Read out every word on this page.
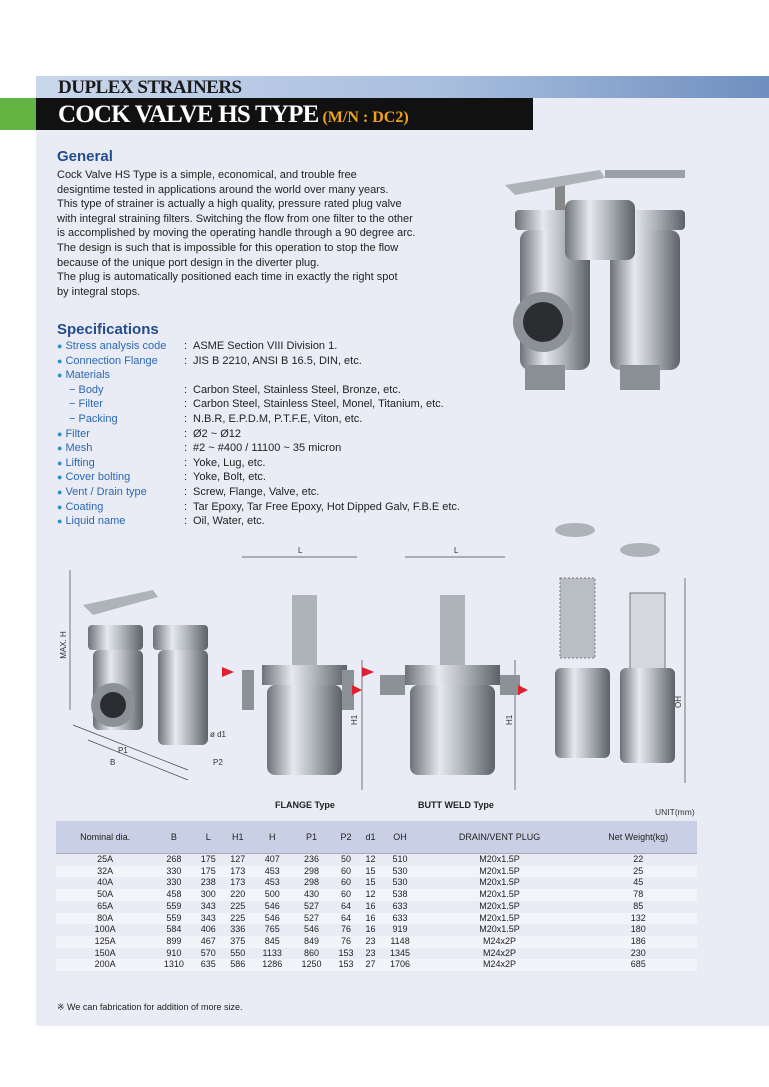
DUPLEX STRAINERS
COCK VALVE HS TYPE (M/N : DC2)
General

Cock Valve HS Type is a simple, economical, and trouble free

designtime tested in applications around the world over many years.

This type of strainer is actually a high quality, pressure rated plug valve

with integral straining filters. Switching the flow from one filter to the other

is accomplished by moving the operating handle through a 90 degree arc.

The design is such that is impossible for this operation to stop the flow

because of the unique port design in the diverter plug.

The plug is automatically positioned each time in exactly the right spot

by integral stops.

Specifications
● Stress analysis code : ASME Section VIII Division 1.
● Connection Flange : JIS B 2210, ANSI B 16.5, DIN, etc.
● Materials
− Body	: Carbon Steel, Stainless Steel, Bronze, etc.
− Filter	: Carbon Steel, Stainless Steel, Monel, Titanium, etc.
− Packing	: N.B.R, E.P.D.M, P.T.F.E, Viton, etc.
● Filter	: Ø2 ~ Ø12
● Mesh	: #2 ~ #400 / 11100 ~ 35 micron
● Lifting	: Yoke, Lug, etc.
● Cover bolting	: Yoke, Bolt, etc.
● Vent / Drain type	: Screw, Flange, Valve, etc.
● Coating	: Tar Epoxy, Tar Free Epoxy, Hot Dipped Galv, F.B.E etc.
● Liquid name	: Oil, Water, etc.
MAX. H
P1
B
ø d1
P2
L
H1
L
H1
OH
FLANGE Type	BUTT WELD Type
UNIT(mm)
Nominal dia.	B	L	H1	H	P1	P2	d1	OH	DRAIN/VENT PLUG	Net Weight(kg)
25A	268	175	127	407	236	50	12	510	M20x1.5P	22
32A	330	175	173	453	298	60	15	530	M20x1.5P	25
40A	330	238	173	453	298	60	15	530	M20x1.5P	45
50A	458	300	220	500	430	60	12	538	M20x1.5P	78
65A	559	343	225	546	527	64	16	633	M20x1.5P	85
80A	559	343	225	546	527	64	16	633	M20x1.5P	132
100A	584	406	336	765	546	76	16	919	M20x1.5P	180
125A	899	467	375	845	849	76	23	1148	M24x2P	186
150A	910	570	550	1133	860	153	23	1345	M24x2P	230
200A	1310	635	586	1286	1250	153	27	1706	M24x2P	685
※ We can fabrication for addition of more size.
